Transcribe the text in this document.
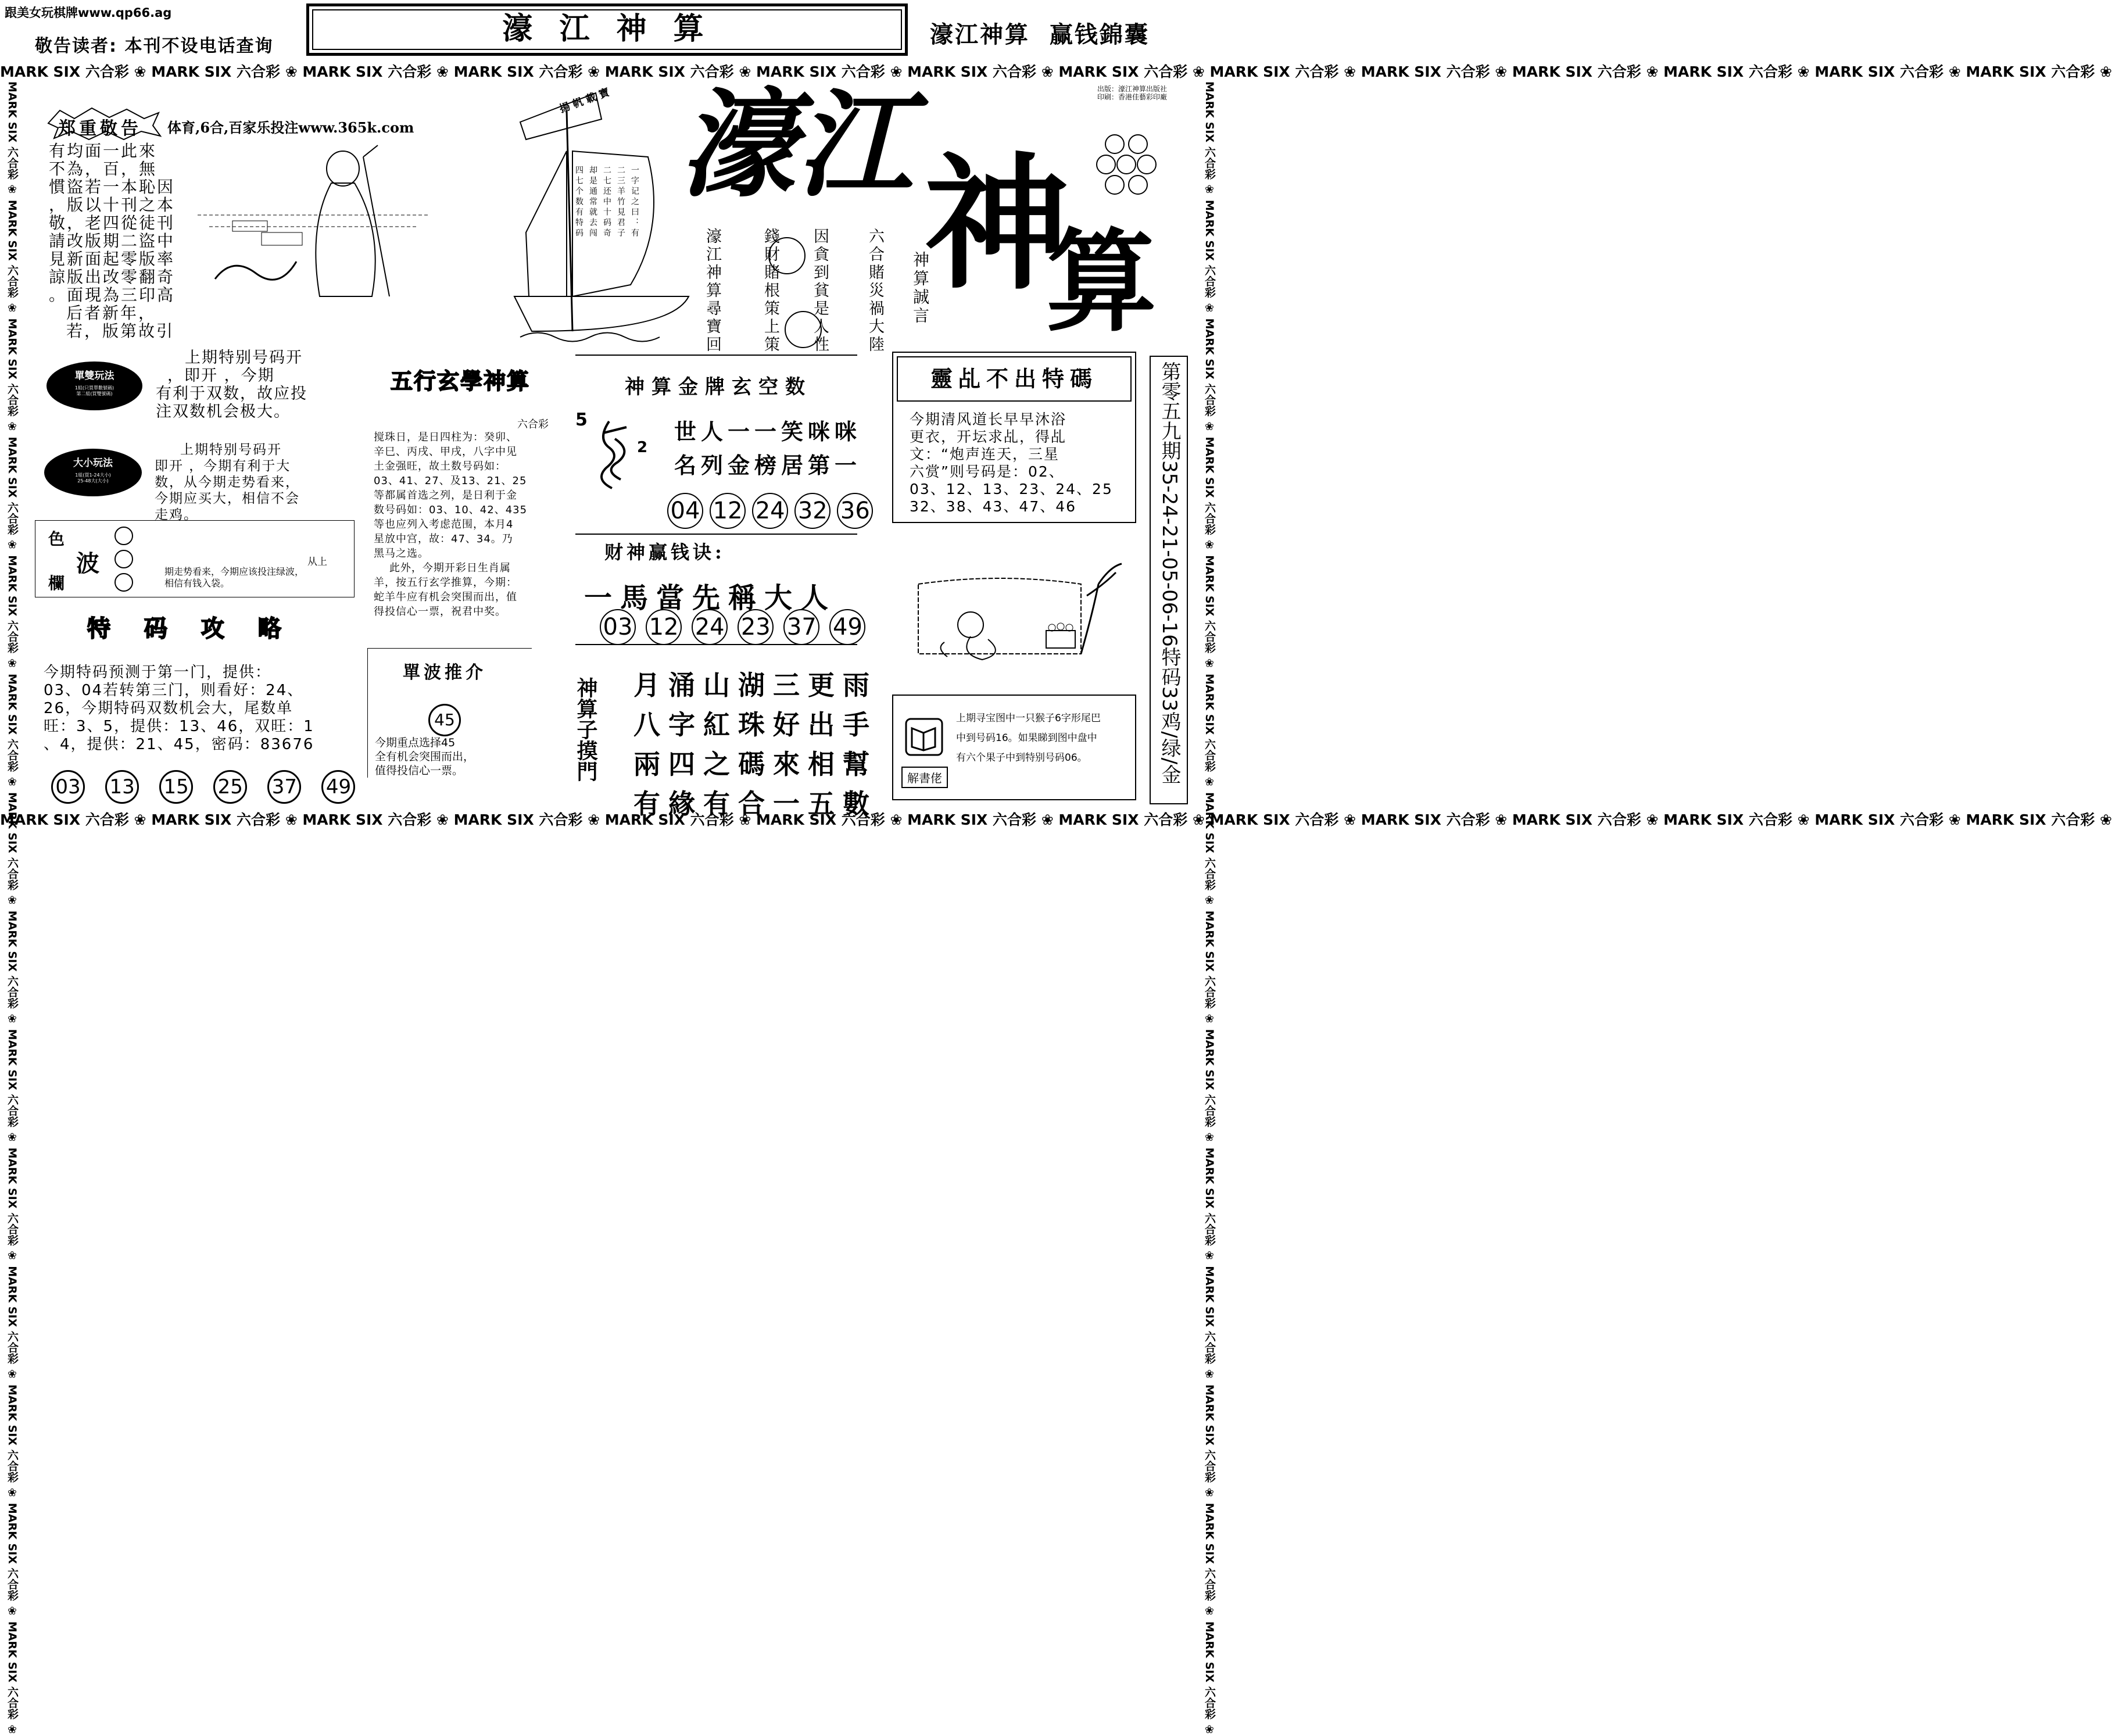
跟美女玩棋牌www.qp66.ag
敬告读者: 本刊不设电话查询	濠 江 神 算	濠江神算  赢钱錦囊
MARK SIX 六合彩 ❀ MARK SIX 六合彩 ❀ MARK SIX 六合彩 ❀ MARK SIX 六合彩 ❀ MARK SIX 六合彩 ❀ MARK SIX 六合彩 ❀ MARK SIX 六合彩 ❀ MARK SIX 六合彩 ❀ MARK SIX 六合彩 ❀ MARK SIX 六合彩 ❀ MARK SIX 六合彩 ❀ MARK SIX 六合彩 ❀ MARK SIX 六合彩 ❀ MARK SIX 六合彩 ❀
MARK SIX 六合彩 ❀ MARK SIX 六合彩 ❀ MARK SIX 六合彩 ❀ MARK SIX 六合彩 ❀ MARK SIX 六合彩 ❀ MARK SIX 六合彩 ❀ MARK SIX 六合彩 ❀ MARK SIX 六合彩 ❀ MARK SIX 六合彩 ❀ MARK SIX 六合彩 ❀ MARK SIX 六合彩 ❀ MARK SIX 六合彩 ❀ MARK SIX 六合彩 ❀ MARK SIX 六合彩 ❀
MARK SIX 六合彩 ❀ MARK SIX 六合彩 ❀ MARK SIX 六合彩 ❀ MARK SIX 六合彩 ❀ MARK SIX 六合彩 ❀ MARK SIX 六合彩 ❀ MARK SIX 六合彩 ❀ MARK SIX 六合彩 ❀ MARK SIX 六合彩 ❀ MARK SIX 六合彩 ❀ MARK SIX 六合彩 ❀ MARK SIX 六合彩 ❀ MARK SIX 六合彩 ❀ MARK SIX 六合彩 ❀	MARK SIX 六合彩 ❀ MARK SIX 六合彩 ❀ MARK SIX 六合彩 ❀ MARK SIX 六合彩 ❀ MARK SIX 六合彩 ❀ MARK SIX 六合彩 ❀ MARK SIX 六合彩 ❀ MARK SIX 六合彩 ❀ MARK SIX 六合彩 ❀ MARK SIX 六合彩 ❀ MARK SIX 六合彩 ❀ MARK SIX 六合彩 ❀ MARK SIX 六合彩 ❀ MARK SIX 六合彩 ❀
出版：濠江神算出版社
印刷：香港佳藝彩印廠
郑重敬告 体育,6合,百家乐投注www.365k.com
有均面一此來
不為，百，無
慣盜若一本恥因
，版以十刊之本
敬，老四從徒刊
請改版期二盜中
見新面起零版率
諒版出改零翻奇
。面現為三印高
后者新年，
若，版第故引
濠江 神
算
揚帆載寶
一字记之曰：有
二三羊竹見君子
二七还中十码奇
却是通常就去闯
四七个数有特码
濠江神算尋寶回	錢財賭根策上策 因貪到貧是人性 六合賭災禍大陸 神算誠言
單雙玩法
1組(只買單數號碼)
第二組(買雙號碼)
上期特别号码开
，即开 ，今期
有利于双数，故应投
注双数机会极大。
大小玩法
1組(買1-24大小)
25-48大(大小)
上期特别号码开
即开 ，今期有利于大
数，从今期走势看来，
今期应买大，相信不会
走鸡。
色
波
欄
从上
期走势看来，今期应该投注绿波，
相信有钱入袋。
特 码 攻 略
今期特码预测于第一门，提供：
03、04若转第三门，则看好：24、
26，今期特码双数机会大，尾数单
旺：3、5，提供：13、46，双旺：1
、4，提供：21、45，密码：83676
03 13 15 25 37 49
五行玄學神算
六合彩
搅珠日，是日四柱为：癸卯、
辛巳、丙戌、甲戌，八字中见
土金强旺，故土数号码如：
03、41、27、及13、21、25
等都属首选之列，是日利于金
数号码如：03、10、42、435
等也应列入考虑范围，本月4
星放中宫，故：47、34。乃
黑马之选。
此外，今期开彩日生肖属
羊，按五行玄学推算，今期：
蛇羊牛应有机会突围而出，值
得投信心一票，祝君中奖。
單波推介
45
今期重点选择45
全有机会突围而出，
值得投信心一票。
神算金牌玄空数
5
2
世人一一笑咪咪
名列金榜居第一
04 12 24 32 36
财神赢钱诀:
一馬當先稱大人
03 12 24 23 37 49
神算子摸門 月涌山湖三更雨
八字紅珠好出手
兩四之碼來相幫
有緣有合一五數
靈乩不出特碼
今期清风道长早早沐浴
更衣，开坛求乩，得乩
文：“炮声连天，三星
六赏”则号码是：02、
03、12、13、23、24、25
32、38、43、47、46	第零五九期35-24-21-05-06-16特码33鸡/绿/金
解書佬
上期寻宝图中一只猴子6字形尾巴
中到号码16。如果睇到图中盘中
有六个果子中到特别号码06。
